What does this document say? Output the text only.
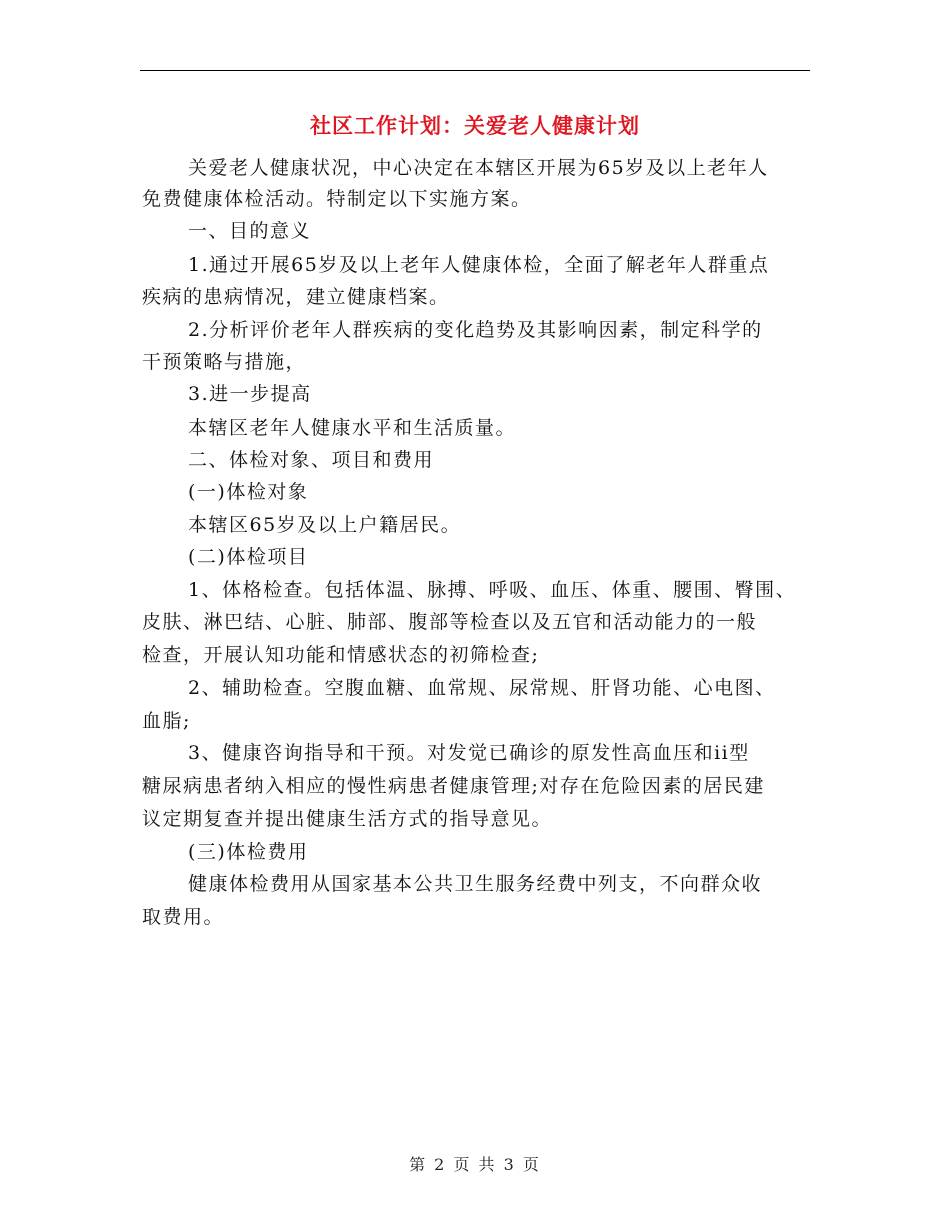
社区工作计划：关爱老人健康计划
关爱老人健康状况，中心决定在本辖区开展为65岁及以上老年人
免费健康体检活动。特制定以下实施方案。
一、目的意义
1.通过开展65岁及以上老年人健康体检，全面了解老年人群重点
疾病的患病情况，建立健康档案。
2.分析评价老年人群疾病的变化趋势及其影响因素，制定科学的
干预策略与措施，
3.进一步提高
本辖区老年人健康水平和生活质量。
二、体检对象、项目和费用
(一)体检对象
本辖区65岁及以上户籍居民。
(二)体检项目
1、体格检查。包括体温、脉搏、呼吸、血压、体重、腰围、臀围、
皮肤、淋巴结、心脏、肺部、腹部等检查以及五官和活动能力的一般
检查，开展认知功能和情感状态的初筛检查;
2、辅助检查。空腹血糖、血常规、尿常规、肝肾功能、心电图、
血脂;
3、健康咨询指导和干预。对发觉已确诊的原发性高血压和ii型
糖尿病患者纳入相应的慢性病患者健康管理;对存在危险因素的居民建
议定期复查并提出健康生活方式的指导意见。
(三)体检费用
健康体检费用从国家基本公共卫生服务经费中列支，不向群众收
取费用。
第 2 页 共 3 页
